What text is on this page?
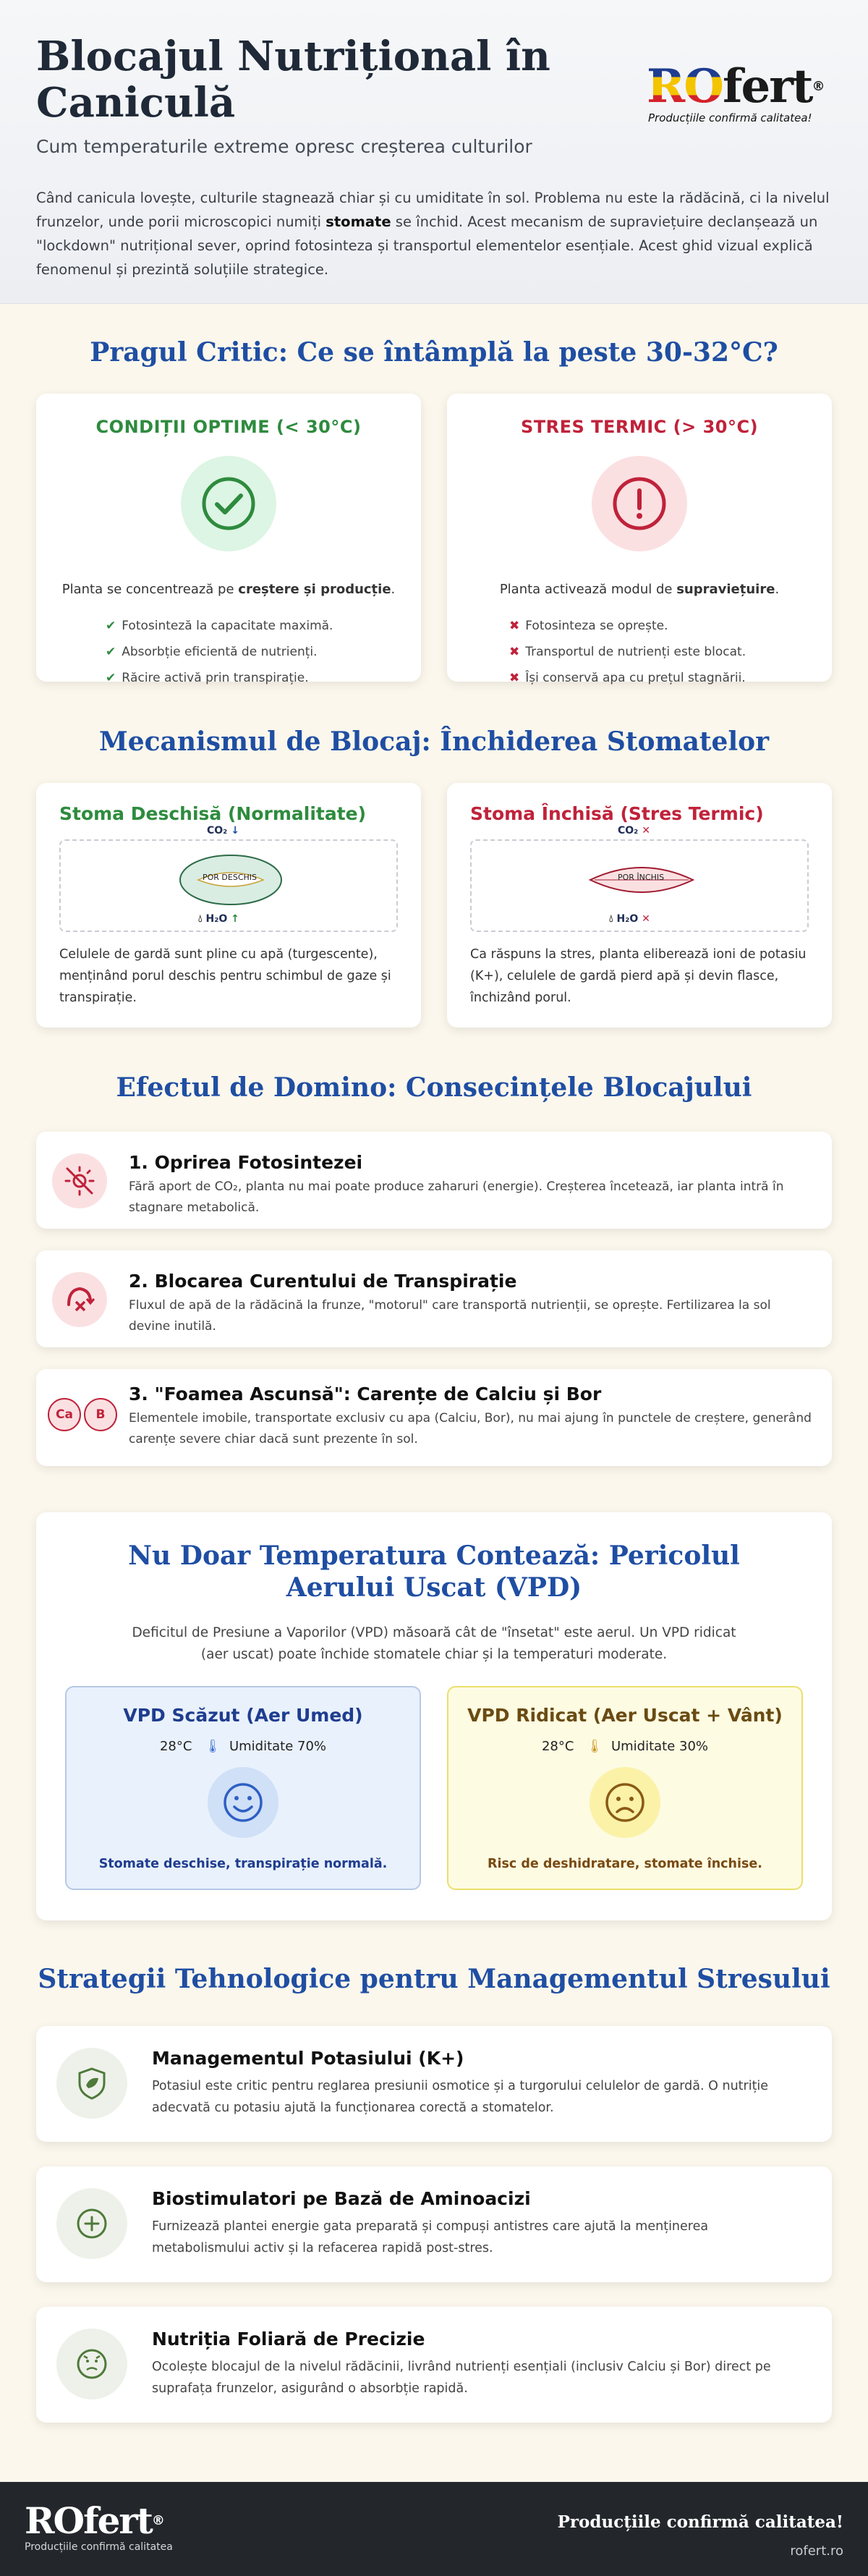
Blocajul Nutrițional în Caniculă
Cum temperaturile extreme opresc creșterea culturilor

Când canicula lovește, culturile stagnează chiar și cu umiditate în sol. Problema nu este la rădăcină, ci la nivelul frunzelor, unde porii microscopici numiți stomate se închid. Acest mecanism de supraviețuire declanșează un "lockdown" nutrițional sever, oprind fotosinteza și transportul elementelor esențiale. Acest ghid vizual explică fenomenul și prezintă soluțiile strategice.

ROfert®
Producțiile confirmă calitatea!
Pragul Critic: Ce se întâmplă la peste 30-32°C?
CONDIȚII OPTIME (< 30°C)
Planta se concentrează pe creștere și producție.
✔ Fotosinteză la capacitate maximă.
✔ Absorbție eficientă de nutrienți.
✔ Răcire activă prin transpirație.
STRES TERMIC (> 30°C)
Planta activează modul de supraviețuire.
✖ Fotosinteza se oprește.
✖ Transportul de nutrienți este blocat.
✖ Își conservă apa cu prețul stagnării.
Mecanismul de Blocaj: Închiderea Stomatelor
Stoma Deschisă (Normalitate)
CO₂ ↓
POR DESCHIS
💧︎ H₂O ↑
Celulele de gardă sunt pline cu apă (turgescente), menținând porul deschis pentru schimbul de gaze și transpirație.
Stoma Închisă (Stres Termic)
CO₂ ✕
POR ÎNCHIS
💧︎ H₂O ✕
Ca răspuns la stres, planta eliberează ioni de potasiu (K+), celulele de gardă pierd apă și devin flasce, închizând porul.
Efectul de Domino: Consecințele Blocajului
1. Oprirea Fotosintezei
Fără aport de CO₂, planta nu mai poate produce zaharuri (energie). Creșterea încetează, iar planta intră în stagnare metabolică.
2. Blocarea Curentului de Transpirație
Fluxul de apă de la rădăcină la frunze, "motorul" care transportă nutrienții, se oprește. Fertilizarea la sol devine inutilă.
Ca	B
3. "Foamea Ascunsă": Carențe de Calciu și Bor
Elementele imobile, transportate exclusiv cu apa (Calciu, Bor), nu mai ajung în punctele de creștere, generând carențe severe chiar dacă sunt prezente în sol.
Nu Doar Temperatura Contează: Pericolul Aerului Uscat (VPD)

Deficitul de Presiune a Vaporilor (VPD) măsoară cât de "însetat" este aerul. Un VPD ridicat (aer uscat) poate închide stomatele chiar și la temperaturi moderate.

VPD Scăzut (Aer Umed)
28°C 🌡︎ Umiditate 70%
Stomate deschise, transpirație normală.
VPD Ridicat (Aer Uscat + Vânt)
28°C 🌡︎ Umiditate 30%
Risc de deshidratare, stomate închise.
Strategii Tehnologice pentru Managementul Stresului
Managementul Potasiului (K+)
Potasiul este critic pentru reglarea presiunii osmotice și a turgorului celulelor de gardă. O nutriție adecvată cu potasiu ajută la funcționarea corectă a stomatelor.
Biostimulatori pe Bază de Aminoacizi
Furnizează plantei energie gata preparată și compuși antistres care ajută la menținerea metabolismului activ și la refacerea rapidă post-stres.
Nutriția Foliară de Precizie
Ocolește blocajul de la nivelul rădăcinii, livrând nutrienți esențiali (inclusiv Calciu și Bor) direct pe suprafața frunzelor, asigurând o absorbție rapidă.
ROfert®
Producțiile confirmă calitatea
Producțiile confirmă calitatea!
rofert.ro
